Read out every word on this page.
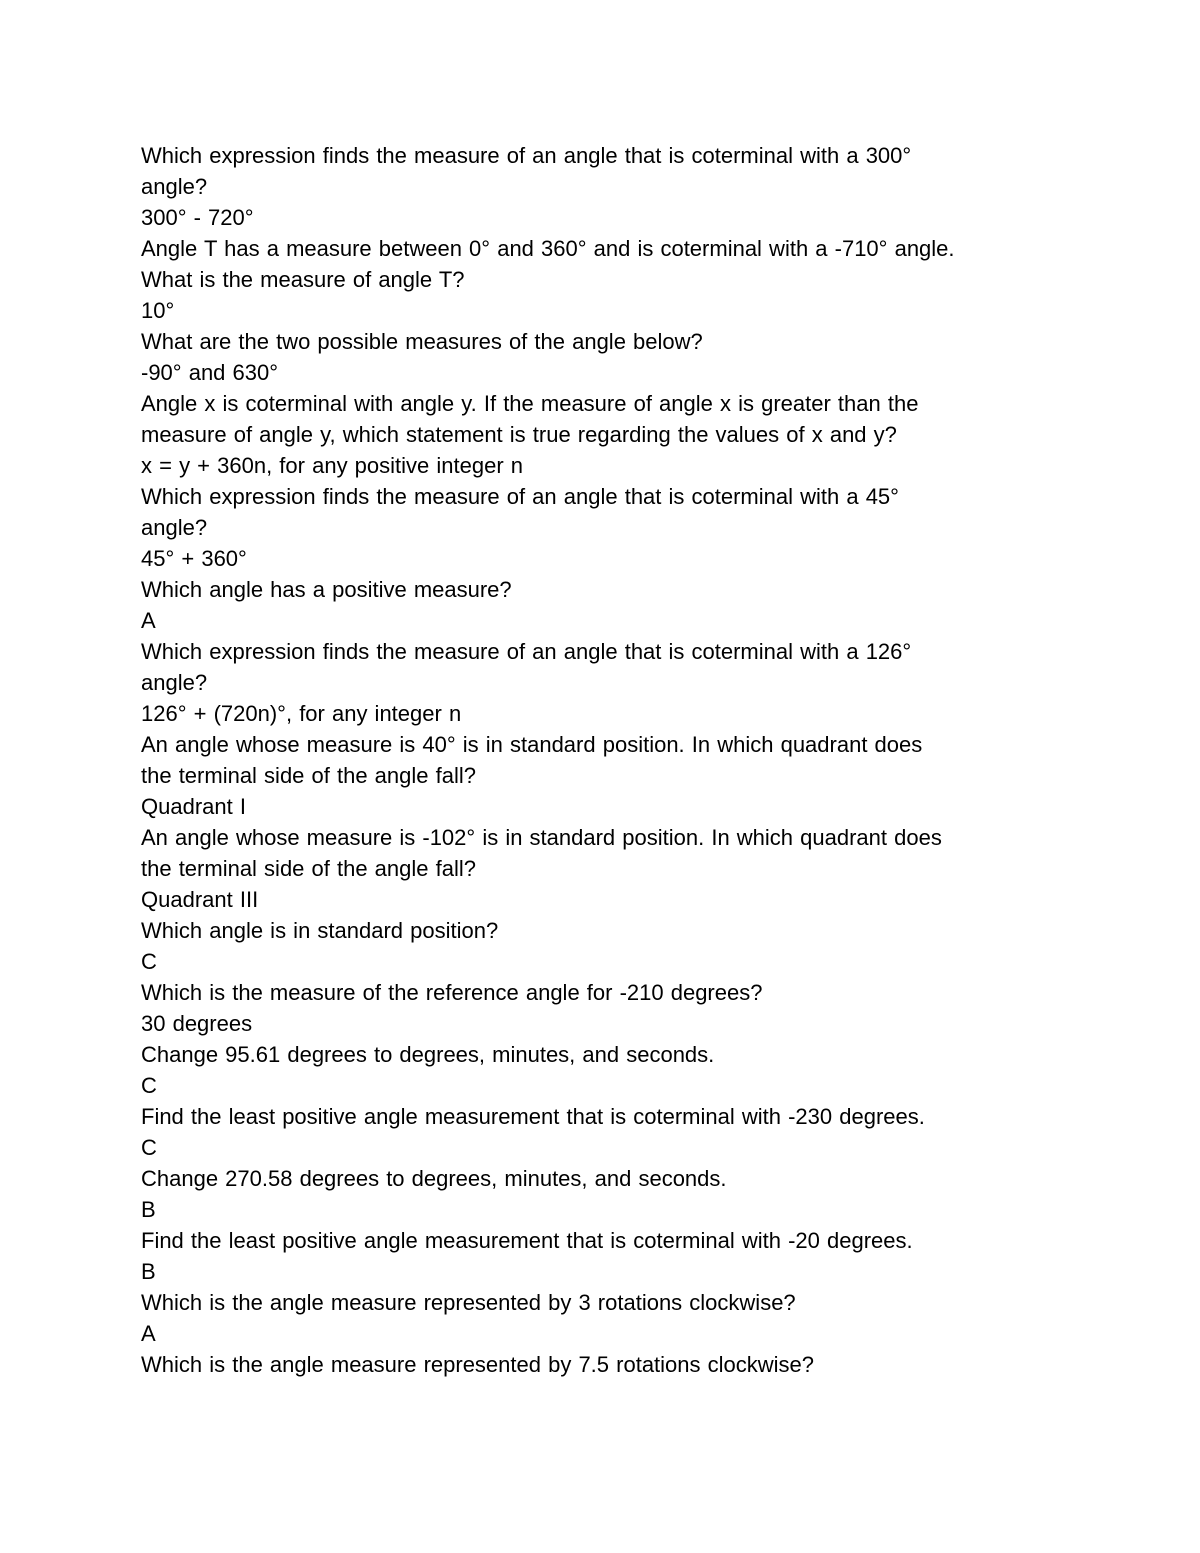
Which expression finds the measure of an angle that is coterminal with a 300°

angle?

300° - 720°

Angle T has a measure between 0° and 360° and is coterminal with a -710° angle.

What is the measure of angle T?

10°

What are the two possible measures of the angle below?

-90° and 630°

Angle x is coterminal with angle y. If the measure of angle x is greater than the

measure of angle y, which statement is true regarding the values of x and y?

x = y + 360n, for any positive integer n

Which expression finds the measure of an angle that is coterminal with a 45°

angle?

45° + 360°

Which angle has a positive measure?

A

Which expression finds the measure of an angle that is coterminal with a 126°

angle?

126° + (720n)°, for any integer n

An angle whose measure is 40° is in standard position. In which quadrant does

the terminal side of the angle fall?

Quadrant I

An angle whose measure is -102° is in standard position. In which quadrant does

the terminal side of the angle fall?

Quadrant III

Which angle is in standard position?

C

Which is the measure of the reference angle for -210 degrees?

30 degrees

Change 95.61 degrees to degrees, minutes, and seconds.

C

Find the least positive angle measurement that is coterminal with -230 degrees.

C

Change 270.58 degrees to degrees, minutes, and seconds.

B

Find the least positive angle measurement that is coterminal with -20 degrees.

B

Which is the angle measure represented by 3 rotations clockwise?

A

Which is the angle measure represented by 7.5 rotations clockwise?
